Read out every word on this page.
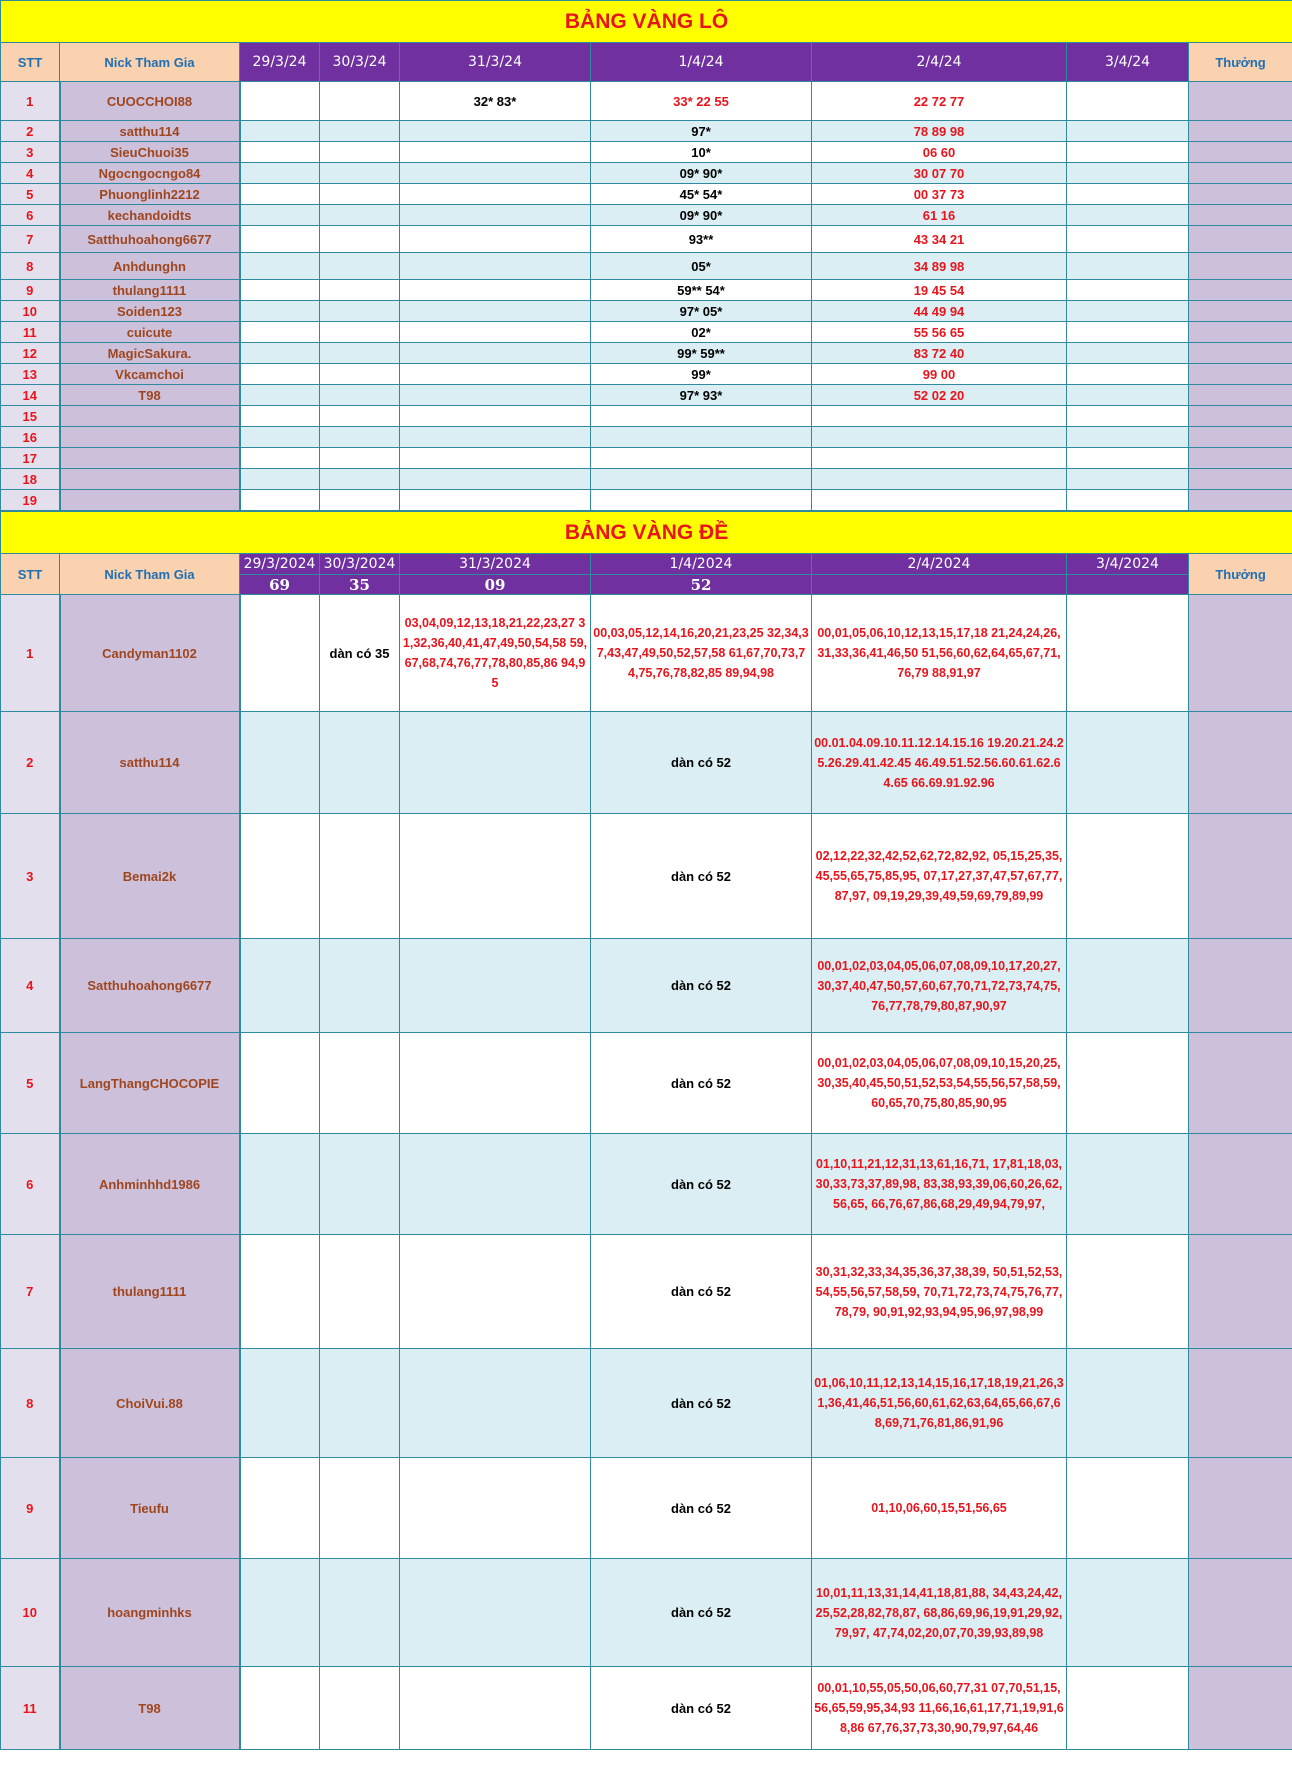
BẢNG VÀNG LÔ								
STT	Nick Tham Gia	29/3/24	30/3/24	31/3/24	1/4/24	2/4/24	3/4/24	Thưởng
1	CUOCCHOI88			32* 83*	33* 22 55	22 72 77		
2	satthu114				97*	78 89 98		
3	SieuChuoi35				10*	06 60		
4	Ngocngocngo84				09* 90*	30 07 70		
5	Phuonglinh2212				45* 54*	00 37 73		
6	kechandoidts				09* 90*	61 16		
7	Satthuhoahong6677				93**	43 34 21		
8	Anhdunghn				05*	34 89 98		
9	thulang1111				59** 54*	19 45 54		
10	Soiden123				97* 05*	44 49 94		
11	cuicute				02*	55 56 65		
12	MagicSakura.				99* 59**	83 72 40		
13	Vkcamchoi				99*	99 00		
14	T98				97* 93*	52 02 20		
15								
16								
17								
18								
19								
BẢNG VÀNG ĐỀ								
STT	Nick Tham Gia	29/3/2024	30/3/2024	31/3/2024	1/4/2024	2/4/2024	3/4/2024	Thưởng
		69	35	09	52			
1	Candyman1102		dàn có 35	03,04,09,12,13,18,21,22,23,27 31,32,36,40,41,47,49,50,54,58 59,67,68,74,76,77,78,80,85,86 94,95	00,03,05,12,14,16,20,21,23,25 32,34,37,43,47,49,50,52,57,58 61,67,70,73,74,75,76,78,82,85 89,94,98	00,01,05,06,10,12,13,15,17,18 21,24,24,26,31,33,36,41,46,50 51,56,60,62,64,65,67,71,76,79 88,91,97		
2	satthu114				dàn có 52	00.01.04.09.10.11.12.14.15.16 19.20.21.24.25.26.29.41.42.45 46.49.51.52.56.60.61.62.64.65 66.69.91.92.96		
3	Bemai2k				dàn có 52	02,12,22,32,42,52,62,72,82,92, 05,15,25,35,45,55,65,75,85,95, 07,17,27,37,47,57,67,77,87,97, 09,19,29,39,49,59,69,79,89,99		
4	Satthuhoahong6677				dàn có 52	00,01,02,03,04,05,06,07,08,09,10,17,20,27,30,37,40,47,50,57,60,67,70,71,72,73,74,75,76,77,78,79,80,87,90,97		
5	LangThangCHOCOPIE				dàn có 52	00,01,02,03,04,05,06,07,08,09,10,15,20,25,30,35,40,45,50,51,52,53,54,55,56,57,58,59,60,65,70,75,80,85,90,95		
6	Anhminhhd1986				dàn có 52	01,10,11,21,12,31,13,61,16,71, 17,81,18,03,30,33,73,37,89,98, 83,38,93,39,06,60,26,62,56,65, 66,76,67,86,68,29,49,94,79,97,		
7	thulang1111				dàn có 52	30,31,32,33,34,35,36,37,38,39, 50,51,52,53,54,55,56,57,58,59, 70,71,72,73,74,75,76,77,78,79, 90,91,92,93,94,95,96,97,98,99		
8	ChoiVui.88				dàn có 52	01,06,10,11,12,13,14,15,16,17,18,19,21,26,31,36,41,46,51,56,60,61,62,63,64,65,66,67,68,69,71,76,81,86,91,96		
9	Tieufu				dàn có 52	01,10,06,60,15,51,56,65		
10	hoangminhks				dàn có 52	10,01,11,13,31,14,41,18,81,88, 34,43,24,42,25,52,28,82,78,87, 68,86,69,96,19,91,29,92,79,97, 47,74,02,20,07,70,39,93,89,98		
11	T98				dàn có 52	00,01,10,55,05,50,06,60,77,31 07,70,51,15,56,65,59,95,34,93 11,66,16,61,17,71,19,91,68,86 67,76,37,73,30,90,79,97,64,46		
